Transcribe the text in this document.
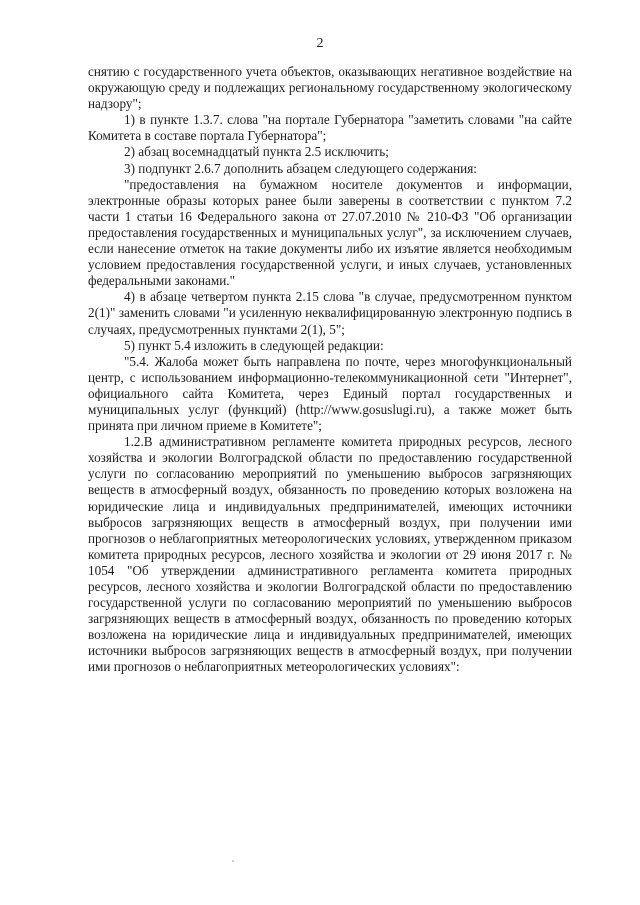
2

снятию с государственного учета объектов, оказывающих негативное воздействие на окружающую среду и подлежащих региональному государственному экологическому надзору";

1) в пункте 1.3.7. слова "на портале Губернатора "заметить словами "на сайте Комитета в составе портала Губернатора";

2) абзац восемнадцатый пункта 2.5 исключить;

3) подпункт 2.6.7 дополнить абзацем следующего содержания:

"предоставления на бумажном носителе документов и информации, электронные образы которых ранее были заверены в соответствии с пунктом 7.2 части 1 статьи 16 Федерального закона от 27.07.2010 № 210-ФЗ "Об организации предоставления государственных и муниципальных услуг", за исключением случаев, если нанесение отметок на такие документы либо их изъятие является необходимым условием предоставления государственной услуги, и иных случаев, установленных федеральными законами."

4) в абзаце четвертом пункта 2.15 слова "в случае, предусмотренном пунктом 2(1)" заменить словами "и усиленную неквалифицированную электронную подпись в случаях, предусмотренных пунктами 2(1), 5";

5) пункт 5.4 изложить в следующей редакции:

"5.4. Жалоба может быть направлена по почте, через многофункциональный центр, с использованием информационно-телекоммуникационной сети "Интернет", официального сайта Комитета, через Единый портал государственных и муниципальных услуг (функций) (http://www.gosuslugi.ru), а также может быть принята при личном приеме в Комитете";

1.2.В административном регламенте комитета природных ресурсов, лесного хозяйства и экологии Волгоградской области по предоставлению государственной услуги по согласованию мероприятий по уменьшению выбросов загрязняющих веществ в атмосферный воздух, обязанность по проведению которых возложена на юридические лица и индивидуальных предпринимателей, имеющих источники выбросов загрязняющих веществ в атмосферный воздух, при получении ими прогнозов о неблагоприятных метеорологических условиях, утвержденном приказом комитета природных ресурсов, лесного хозяйства и экологии от 29 июня 2017 г. № 1054 "Об утверждении административного регламента комитета природных ресурсов, лесного хозяйства и экологии Волгоградской области по предоставлению государственной услуги по согласованию мероприятий по уменьшению выбросов загрязняющих веществ в атмосферный воздух, обязанность по проведению которых возложена на юридические лица и индивидуальных предпринимателей, имеющих источники выбросов загрязняющих веществ в атмосферный воздух, при получении ими прогнозов о неблагоприятных метеорологических условиях":
